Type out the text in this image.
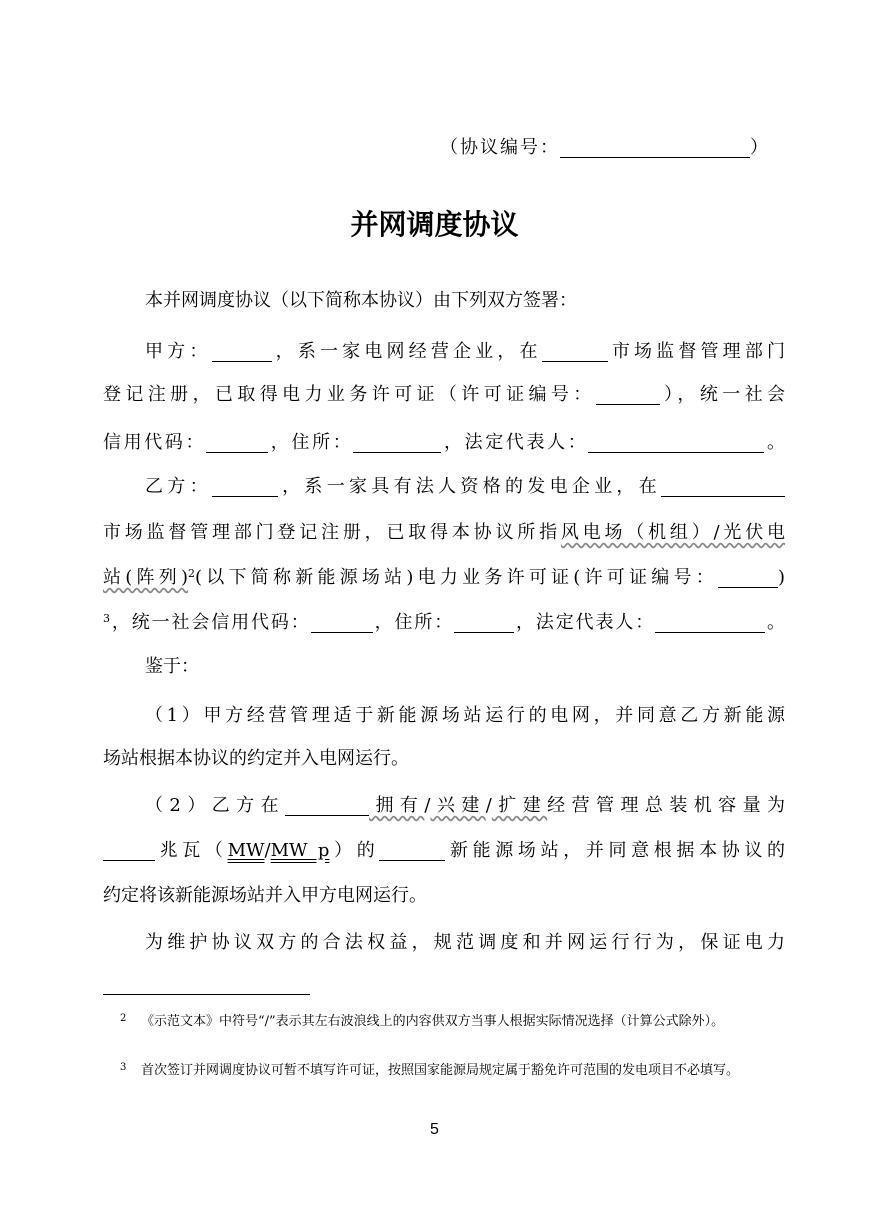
（协议编号：	）
并网调度协议
本并网调度协议（以下简称本协议）由下列双方签署：
甲方：	，系一家电网经营企业，在	市场监督管理部门
登记注册，已取得电力业务许可证（许可证编号：	），统一社会
信用代码：	，住所：	，法定代表人：	。
乙方：	，系一家具有法人资格的发电企业，在
市场监督管理部门登记注册，已取得本协议所指风电场（机组）/光伏电
站(阵列)$^2$(以下简称新能源场站)电力业务许可证(许可证编号：	)
$^3$，统一社会信用代码：	，住所：	，法定代表人：	。
鉴于：
（1）甲方经营管理适于新能源场站运行的电网，并同意乙方新能源
场站根据本协议的约定并入电网运行。
（2）乙方在	拥有/兴建/扩建经营管理总装机容量为
兆瓦（MW/MW p）的	新能源场站，并同意根据本协议的
约定将该新能源场站并入甲方电网运行。
为维护协议双方的合法权益，规范调度和并网运行行为，保证电力
2 《示范文本》中符号“/”表示其左右波浪线上的内容供双方当事人根据实际情况选择（计算公式除外）。
3 首次签订并网调度协议可暂不填写许可证，按照国家能源局规定属于豁免许可范围的发电项目不必填写。
5
